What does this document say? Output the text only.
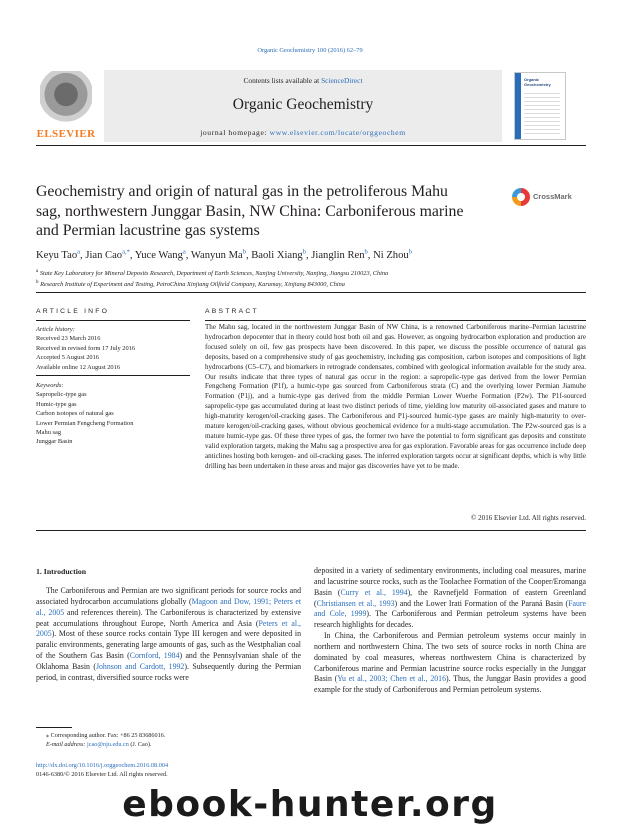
Organic Geochemistry 100 (2016) 62–79
ELSEVIER
Contents lists available at ScienceDirect
Organic Geochemistry
journal homepage: www.elsevier.com/locate/orggeochem
Organic Geochemistry
Geochemistry and origin of natural gas in the petroliferous Mahu sag, northwestern Junggar Basin, NW China: Carboniferous marine and Permian lacustrine gas systems
CrossMark
Keyu Tao$^a$, Jian Cao$^{a,*}$, Yuce Wang$^a$, Wanyun Ma$^b$, Baoli Xiang$^b$, Jianglin Ren$^b$, Ni Zhou$^b$
$^a$ State Key Laboratory for Mineral Deposits Research, Department of Earth Sciences, Nanjing University, Nanjing, Jiangsu 210023, China
$^b$ Research Institute of Experiment and Testing, PetroChina Xinjiang Oilfield Company, Karamay, Xinjiang 843000, China
ARTICLE INFO	ABSTRACT
Article history:
Received 23 March 2016
Received in revised form 17 July 2016
Accepted 5 August 2016
Available online 12 August 2016
Keywords:
Sapropelic-type gas
Humic-type gas
Carbon isotopes of natural gas
Lower Permian Fengcheng Formation
Mahu sag
Junggar Basin

The Mahu sag, located in the northwestern Junggar Basin of NW China, is a renowned Carboniferous marine–Permian lacustrine hydrocarbon depocenter that in theory could host both oil and gas. However, as ongoing hydrocarbon exploration and production are focused solely on oil, few gas prospects have been discovered. In this paper, we discuss the possible occurrence of natural gas deposits, based on a comprehensive study of gas geochemistry, including gas composition, carbon isotopes and compositions of light hydrocarbons (C5–C7), and biomarkers in retrograde condensates, combined with geological information available for the study area. Our results indicate that three types of natural gas occur in the region: a sapropelic-type gas derived from the lower Permian Fengcheng Formation (P1f), a humic-type gas sourced from Carboniferous strata (C) and the overlying lower Permian Jiamuhe Formation (P1j), and a humic-type gas derived from the middle Permian Lower Wuerhe Formation (P2w). The P1f-sourced sapropelic-type gas accumulated during at least two distinct periods of time, yielding low maturity oil-associated gases and mature to high-maturity kerogen/oil-cracking gases. The Carboniferous and P1j-sourced humic-type gases are mainly high-maturity to over-mature kerogen/oil-cracking gases, without obvious geochemical evidence for a multi-stage accumulation. The P2w-sourced gas is a mature humic-type gas. Of these three types of gas, the former two have the potential to form significant gas deposits and constitute valid exploration targets, making the Mahu sag a prospective area for gas exploration. Favorable areas for gas occurrence include deep anticlines hosting both kerogen- and oil-cracking gases. The inferred exploration targets occur at significant depths, which is why little drilling has been undertaken in these areas and major gas discoveries have yet to be made.

© 2016 Elsevier Ltd. All rights reserved.
1. Introduction

The Carboniferous and Permian are two significant periods for source rocks and associated hydrocarbon accumulations globally (Magoon and Dow, 1991; Peters et al., 2005 and references therein). The Carboniferous is characterized by extensive peat accumulations throughout Europe, North America and Asia (Peters et al., 2005). Most of these source rocks contain Type III kerogen and were deposited in paralic environments, generating large amounts of gas, such as the Westphalian coal of the Southern Gas Basin (Cornford, 1984) and the Pennsylvanian shale of the Oklahoma Basin (Johnson and Cardott, 1992). Subsequently during the Permian period, in contrast, diversified source rocks were

deposited in a variety of sedimentary environments, including coal measures, marine and lacustrine source rocks, such as the Toolachee Formation of the Cooper/Eromanga Basin (Curry et al., 1994), the Ravnefjeld Formation of eastern Greenland (Christiansen et al., 1993) and the Lower Irati Formation of the Paraná Basin (Faure and Cole, 1999). The Carboniferous and Permian petroleum systems have been research highlights for decades.

In China, the Carboniferous and Permian petroleum systems occur mainly in northern and northwestern China. The two sets of source rocks in north China are dominated by coal measures, whereas northwestern China is characterized by Carboniferous marine and Permian lacustrine source rocks especially in the Junggar Basin (Yu et al., 2003; Chen et al., 2016). Thus, the Junggar Basin provides a good example for the study of Carboniferous and Permian petroleum systems.

⁎ Corresponding author. Fax: +86 25 83686016.
E-mail address: jcao@nju.edu.cn (J. Cao).
http://dx.doi.org/10.1016/j.orggeochem.2016.08.004
0146-6380/© 2016 Elsevier Ltd. All rights reserved.
ebook-hunter.org
